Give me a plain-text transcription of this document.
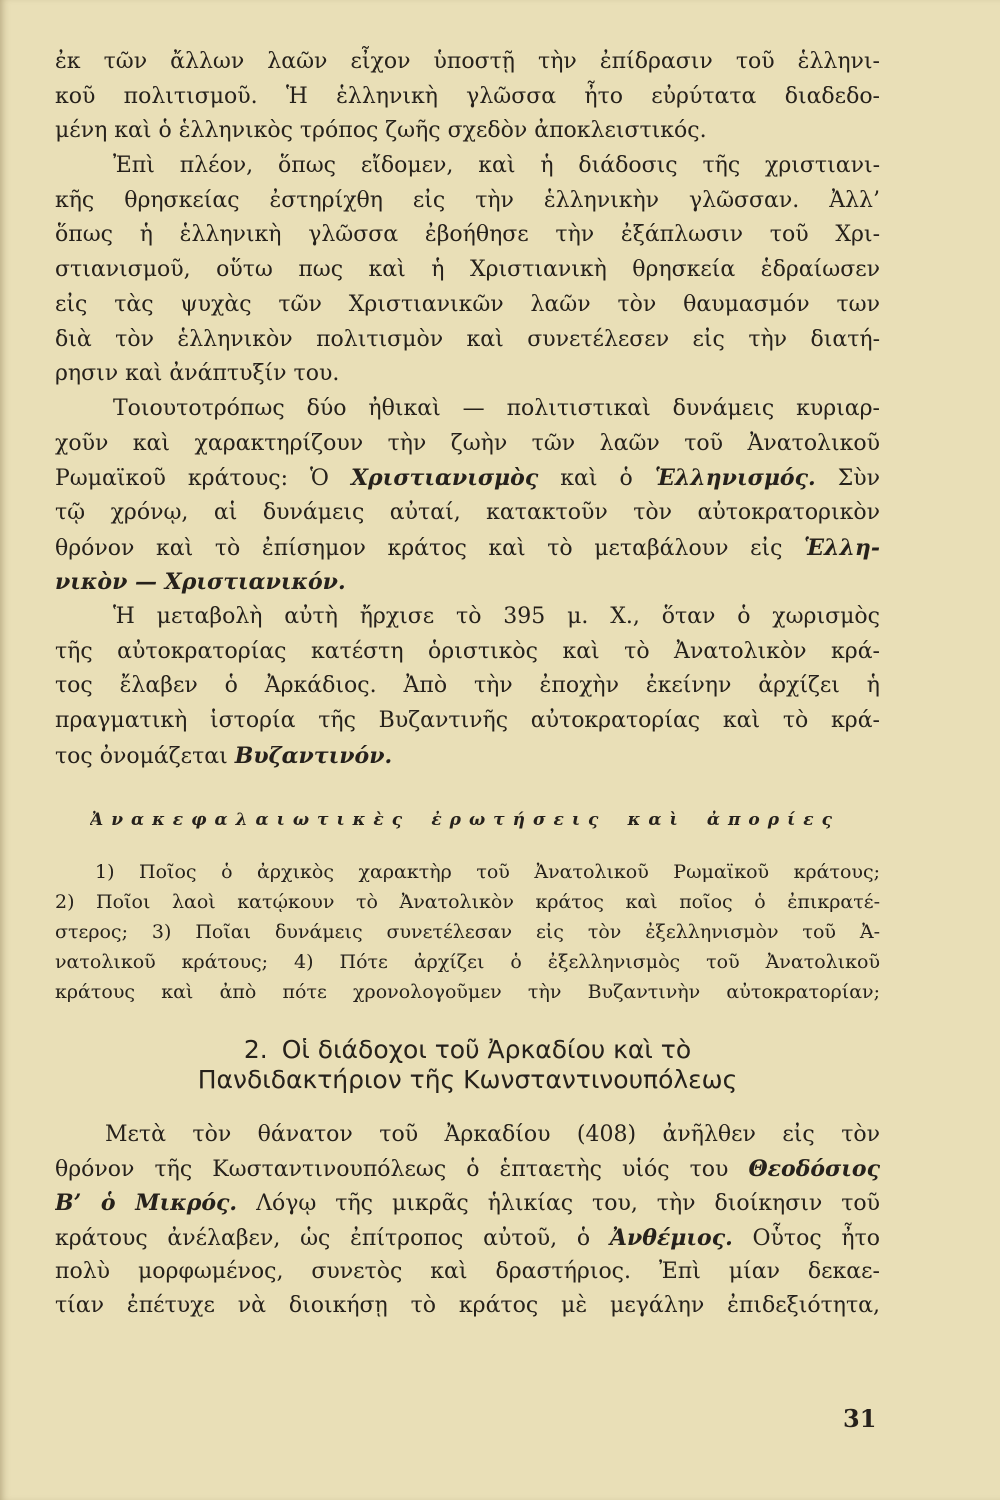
ἐκ τῶν ἄλλων λαῶν εἶχον ὑποστῇ τὴν ἐπίδρασιν τοῦ ἑλληνι-
κοῦ πολιτισμοῦ. Ἡ ἑλληνικὴ γλῶσσα ἦτο εὐρύτατα διαδεδο-
μένη καὶ ὁ ἑλληνικὸς τρόπος ζωῆς σχεδὸν ἀποκλειστικός.
Ἐπὶ πλέον, ὅπως εἴδομεν, καὶ ἡ διάδοσις τῆς χριστιανι-
κῆς θρησκείας ἐστηρίχθη εἰς τὴν ἑλληνικὴν γλῶσσαν. Ἀλλ’
ὅπως ἡ ἑλληνικὴ γλῶσσα ἐβοήθησε τὴν ἐξάπλωσιν τοῦ Χρι-
στιανισμοῦ, οὕτω πως καὶ ἡ Χριστιανικὴ θρησκεία ἑδραίωσεν
εἰς τὰς ψυχὰς τῶν Χριστιανικῶν λαῶν τὸν θαυμασμόν των
διὰ τὸν ἑλληνικὸν πολιτισμὸν καὶ συνετέλεσεν εἰς τὴν διατή-
ρησιν καὶ ἀνάπτυξίν του.
Τοιουτοτρόπως δύο ἠθικαὶ — πολιτιστικαὶ δυνάμεις κυριαρ-
χοῦν καὶ χαρακτηρίζουν τὴν ζωὴν τῶν λαῶν τοῦ Ἀνατολικοῦ
Ρωμαϊκοῦ κράτους: Ὁ Χριστιανισμὸς καὶ ὁ Ἑλληνισμός. Σὺν
τῷ χρόνῳ, αἱ δυνάμεις αὐταί, κατακτοῦν τὸν αὐτοκρατορικὸν
θρόνον καὶ τὸ ἐπίσημον κράτος καὶ τὸ μεταβάλουν εἰς Ἑλλη-
νικὸν — Χριστιανικόν.
Ἡ μεταβολὴ αὐτὴ ἤρχισε τὸ 395 μ. Χ., ὅταν ὁ χωρισμὸς
τῆς αὐτοκρατορίας κατέστη ὁριστικὸς καὶ τὸ Ἀνατολικὸν κρά-
τος ἔλαβεν ὁ Ἀρκάδιος. Ἀπὸ τὴν ἐποχὴν ἐκείνην ἀρχίζει ἡ
πραγματικὴ ἱστορία τῆς Βυζαντινῆς αὐτοκρατορίας καὶ τὸ κρά-
τος ὀνομάζεται Βυζαντινόν.
Ἀνακεφαλαιωτικὲς ἐρωτήσεις καὶ ἀπορίες
1) Ποῖος ὁ ἀρχικὸς χαρακτὴρ τοῦ Ἀνατολικοῦ Ρωμαϊκοῦ κράτους;
2) Ποῖοι λαοὶ κατῴκουν τὸ Ἀνατολικὸν κράτος καὶ ποῖος ὁ ἐπικρατέ-
στερος; 3) Ποῖαι δυνάμεις συνετέλεσαν εἰς τὸν ἐξελληνισμὸν τοῦ Ἀ-
νατολικοῦ κράτους; 4) Πότε ἀρχίζει ὁ ἐξελληνισμὸς τοῦ Ἀνατολικοῦ
κράτους καὶ ἀπὸ πότε χρονολογοῦμεν τὴν Βυζαντινὴν αὐτοκρατορίαν;
2. Οἱ διάδοχοι τοῦ Ἀρκαδίου καὶ τὸ
Πανδιδακτήριον τῆς Κωνσταντινουπόλεως
Μετὰ τὸν θάνατον τοῦ Ἀρκαδίου (408) ἀνῆλθεν εἰς τὸν
θρόνον τῆς Κωσταντινουπόλεως ὁ ἑπταετὴς υἱός του Θεοδόσιος
Β’ ὁ Μικρός. Λόγῳ τῆς μικρᾶς ἡλικίας του, τὴν διοίκησιν τοῦ
κράτους ἀνέλαβεν, ὡς ἐπίτροπος αὐτοῦ, ὁ Ἀνθέμιος. Οὗτος ἦτο
πολὺ μορφωμένος, συνετὸς καὶ δραστήριος. Ἐπὶ μίαν δεκαε-
τίαν ἐπέτυχε νὰ διοικήσῃ τὸ κράτος μὲ μεγάλην ἐπιδεξιότητα,
31
